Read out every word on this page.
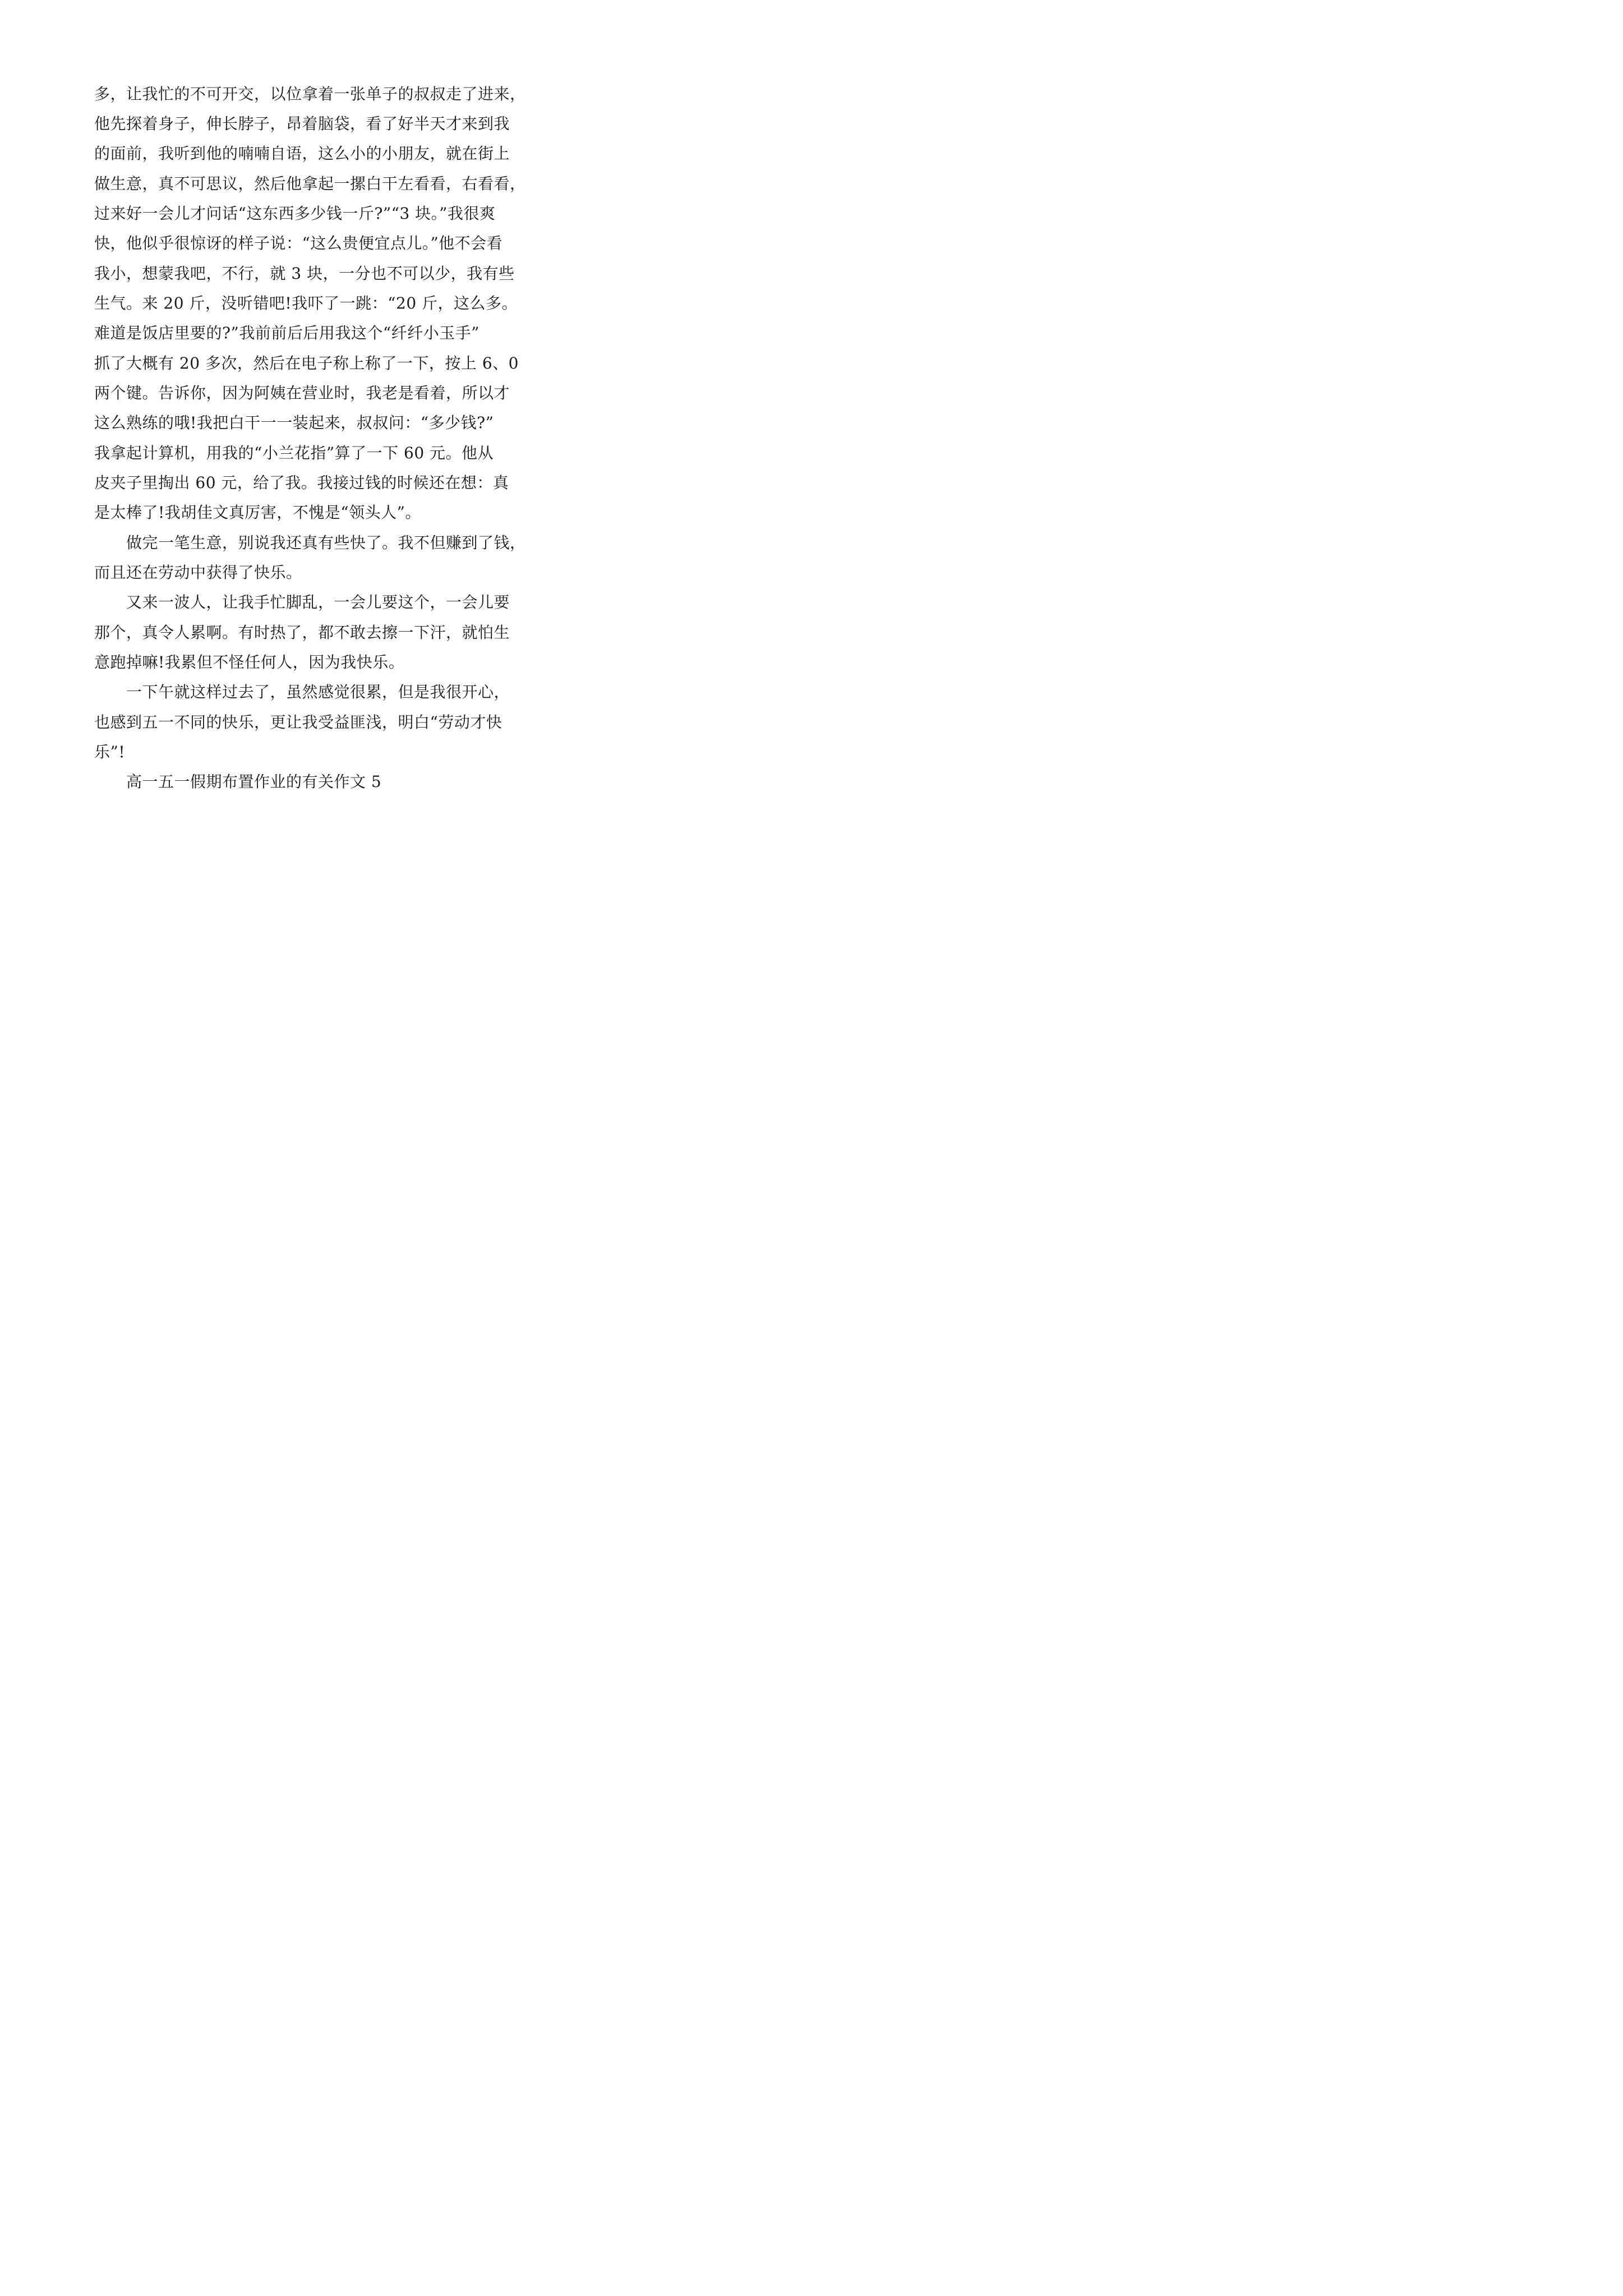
多，让我忙的不可开交，以位拿着一张单子的叔叔走了进来，
他先探着身子，伸长脖子，昂着脑袋，看了好半天才来到我
的面前，我听到他的喃喃自语，这么小的小朋友，就在街上
做生意，真不可思议，然后他拿起一摞白干左看看，右看看，
过来好一会儿才问话“这东西多少钱一斤?”“3 块。”我很爽
快，他似乎很惊讶的样子说：“这么贵便宜点儿。”他不会看
我小，想蒙我吧，不行，就 3 块，一分也不可以少，我有些
生气。来 20 斤，没听错吧!我吓了一跳：“20 斤，这么多。
难道是饭店里要的?”我前前后后用我这个“纤纤小玉手”
抓了大概有 20 多次，然后在电子称上称了一下，按上 6、0
两个键。告诉你，因为阿姨在营业时，我老是看着，所以才
这么熟练的哦!我把白干一一装起来，叔叔问：“多少钱?”
我拿起计算机，用我的“小兰花指”算了一下 60 元。他从
皮夹子里掏出 60 元，给了我。我接过钱的时候还在想：真
是太棒了!我胡佳文真厉害，不愧是“领头人”。
　　做完一笔生意，别说我还真有些快了。我不但赚到了钱，
而且还在劳动中获得了快乐。
　　又来一波人，让我手忙脚乱，一会儿要这个，一会儿要
那个，真令人累啊。有时热了，都不敢去擦一下汗，就怕生
意跑掉嘛!我累但不怪任何人，因为我快乐。
　　一下午就这样过去了，虽然感觉很累，但是我很开心，
也感到五一不同的快乐，更让我受益匪浅，明白“劳动才快
乐”!
　　高一五一假期布置作业的有关作文 5
